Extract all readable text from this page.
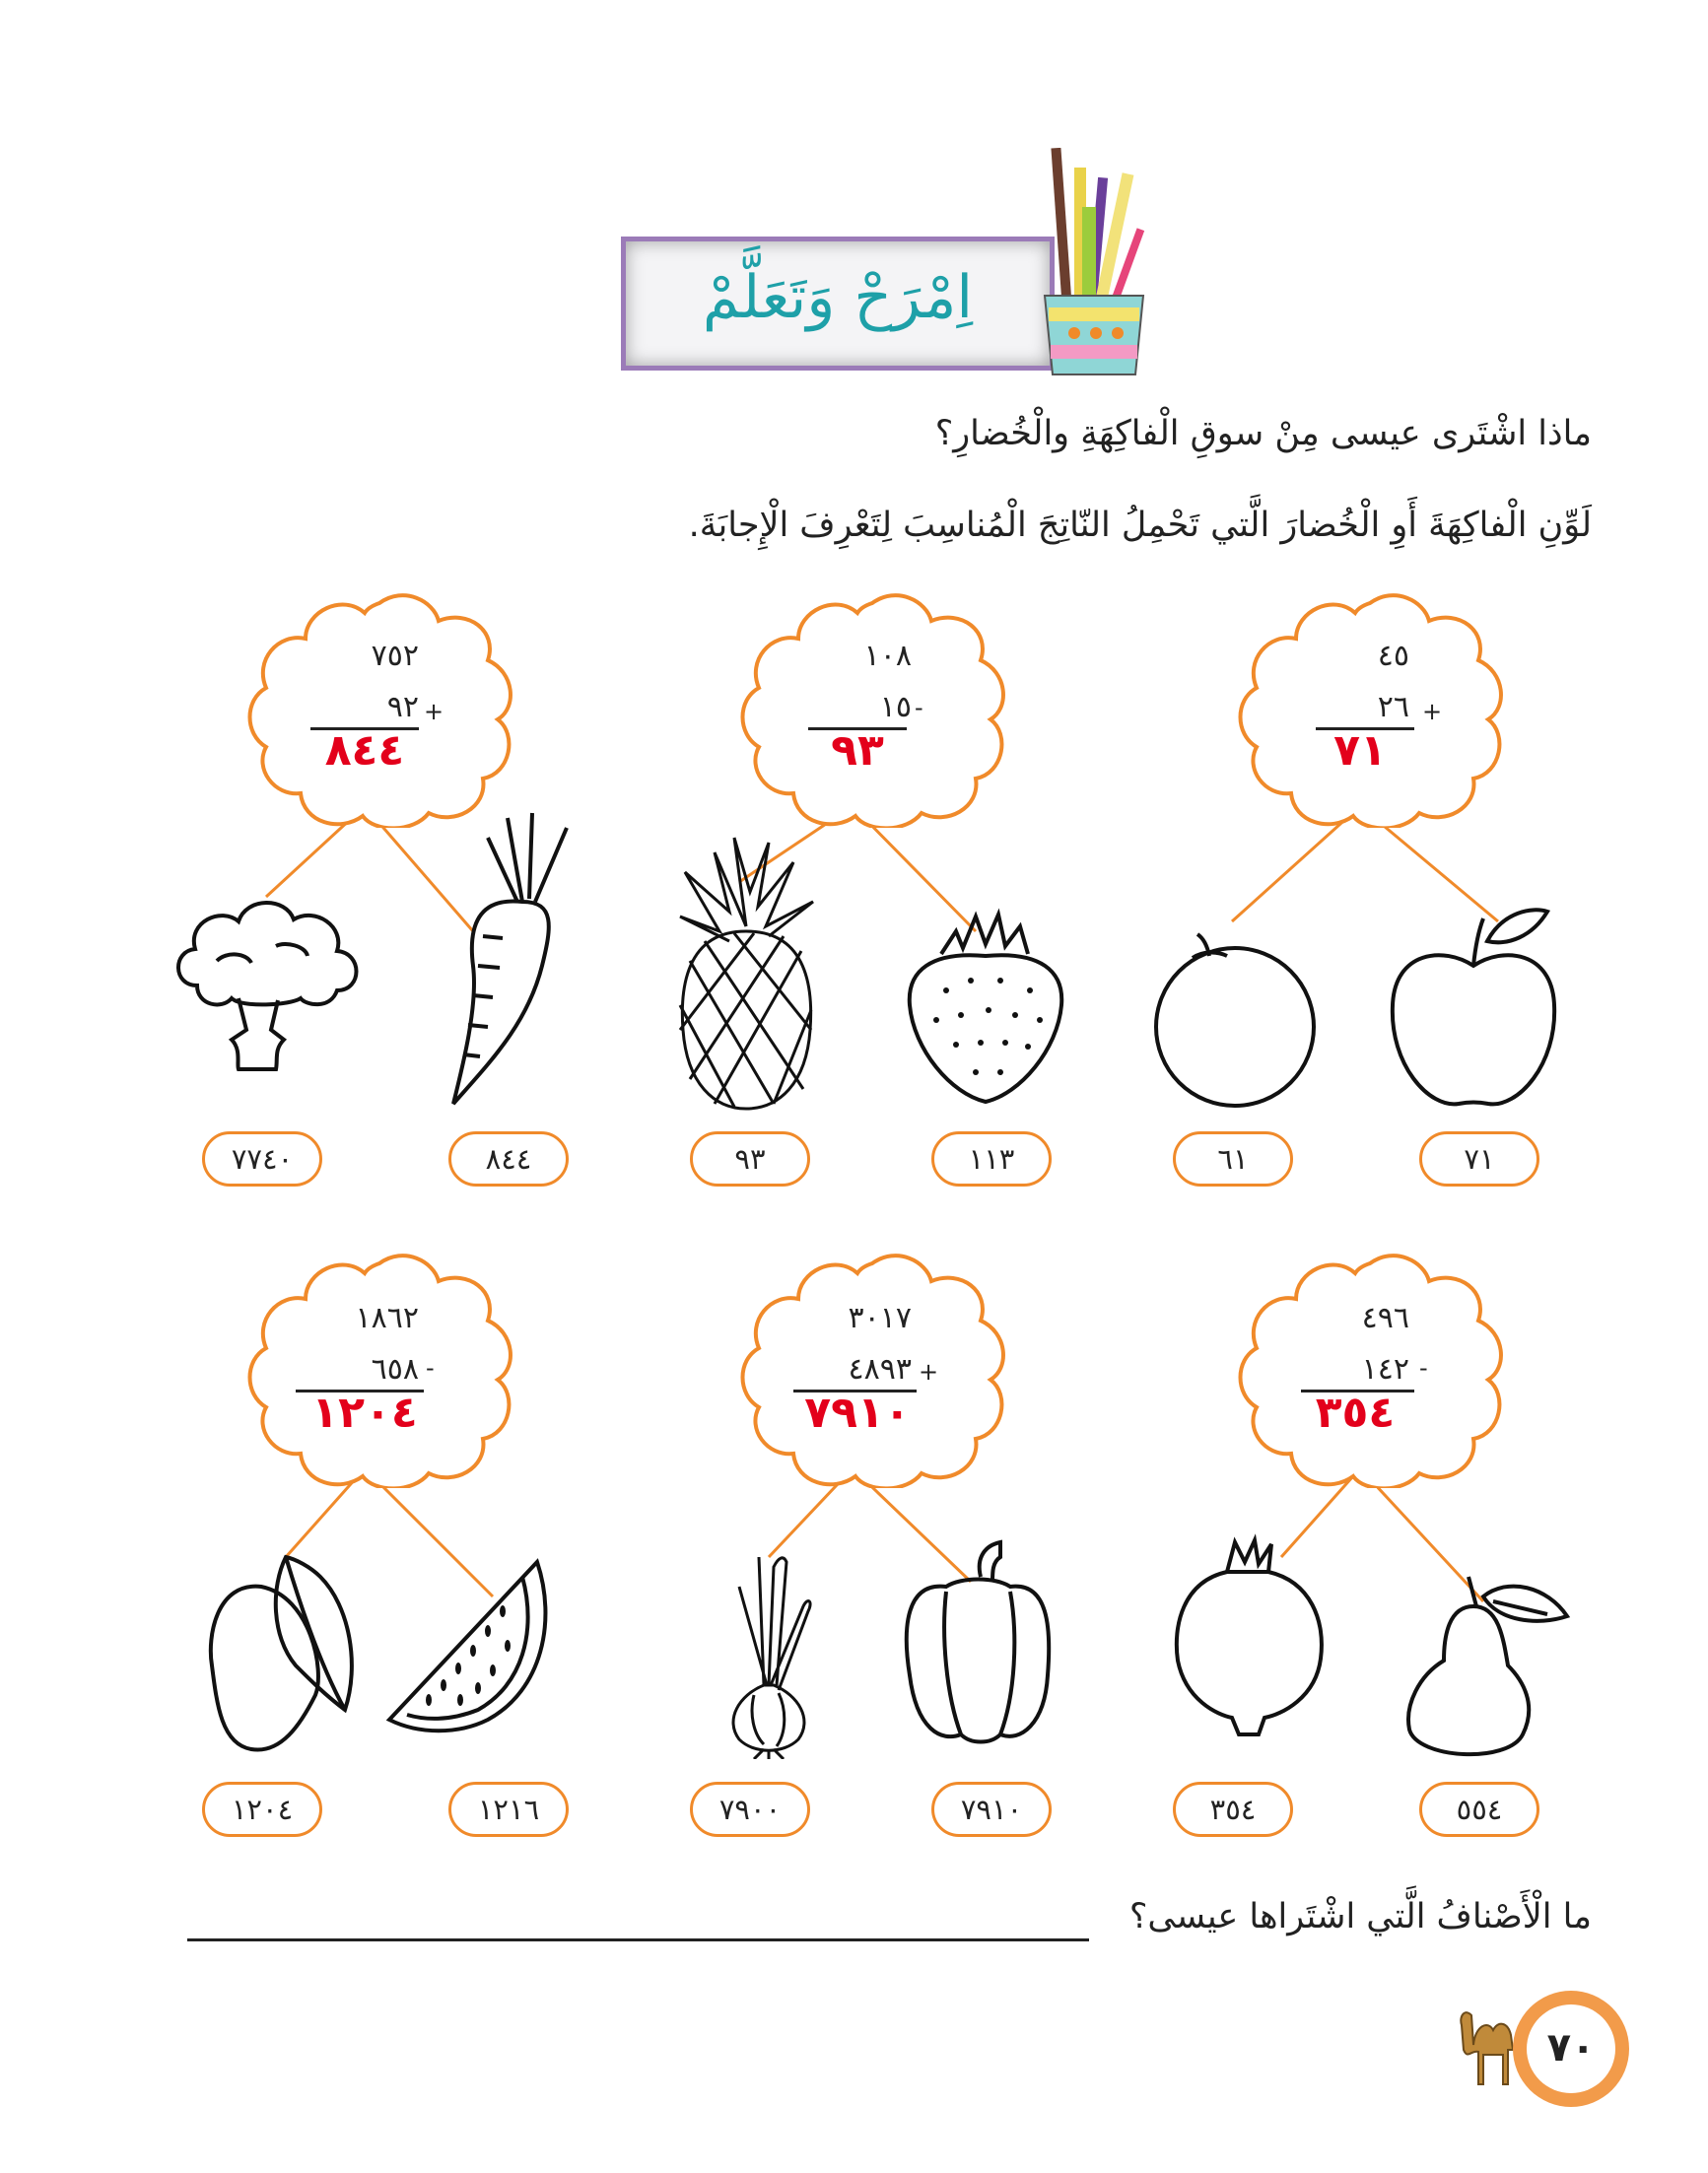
اِمْرَحْ وَتَعَلَّمْ
ماذا اشْتَرى عيسى مِنْ سوقِ الْفاكِهَةِ والْخُضارِ؟
لَوِّنِ الْفاكِهَةَ أَوِ الْخُضارَ الَّتي تَحْمِلُ النّاتِجَ الْمُناسِبَ لِتَعْرِفَ الْإِجابَةَ.
٤٥
٢٦ +
٧١
١٠٨
١٥ -
٩٣
٧٥٢
٩٢ +
٨٤٤
٤٩٦
١٤٢ -
٣٥٤
٣٠١٧
٤٨٩٣ +
٧٩١٠
١٨٦٢
٦٥٨ -
١٢٠٤
٧١
٦١
١١٣
٩٣
٨٤٤
٧٧٤٠
٥٥٤
٣٥٤
٧٩١٠
٧٩٠٠
١٢١٦
١٢٠٤
ما الْأَصْنافُ الَّتي اشْتَراها عيسى؟
٧٠
